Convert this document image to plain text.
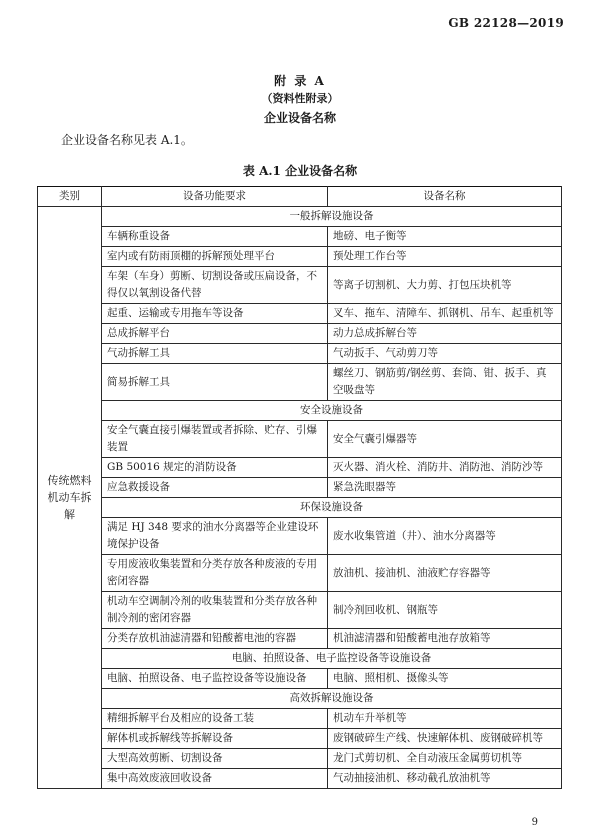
GB 22128—2019
附 录 A
（资料性附录）
企业设备名称
企业设备名称见表 A.1。
表 A.1 企业设备名称
类别	设备功能要求	设备名称
传统燃料机动车拆解	一般拆解设施设备	
	车辆称重设备	地磅、电子衡等
	室内或有防雨顶棚的拆解预处理平台	预处理工作台等
	车架（车身）剪断、切割设备或压扁设备，不得仅以氧割设备代替	等离子切割机、大力剪、打包压块机等
	起重、运输或专用拖车等设备	叉车、拖车、清障车、抓钢机、吊车、起重机等
	总成拆解平台	动力总成拆解台等
	气动拆解工具	气动扳手、气动剪刀等
	简易拆解工具	螺丝刀、钢筋剪/钢丝剪、套筒、钳、扳手、真空吸盘等
	安全设施设备	
	安全气囊直接引爆装置或者拆除、贮存、引爆装置	安全气囊引爆器等
	GB 50016 规定的消防设备	灭火器、消火栓、消防井、消防池、消防沙等
	应急救援设备	紧急洗眼器等
	环保设施设备	
	满足 HJ 348 要求的油水分离器等企业建设环境保护设备	废水收集管道（井）、油水分离器等
	专用废液收集装置和分类存放各种废液的专用密闭容器	放油机、接油机、油液贮存容器等
	机动车空调制冷剂的收集装置和分类存放各种制冷剂的密闭容器	制冷剂回收机、钢瓶等
	分类存放机油滤清器和铅酸蓄电池的容器	机油滤清器和铅酸蓄电池存放箱等
	电脑、拍照设备、电子监控设备等设施设备	
	电脑、拍照设备、电子监控设备等设施设备	电脑、照相机、摄像头等
	高效拆解设施设备	
	精细拆解平台及相应的设备工装	机动车升举机等
	解体机或拆解线等拆解设备	废钢破碎生产线、快速解体机、废钢破碎机等
	大型高效剪断、切割设备	龙门式剪切机、全自动液压金属剪切机等
	集中高效废液回收设备	气动抽接油机、移动截孔放油机等
9
